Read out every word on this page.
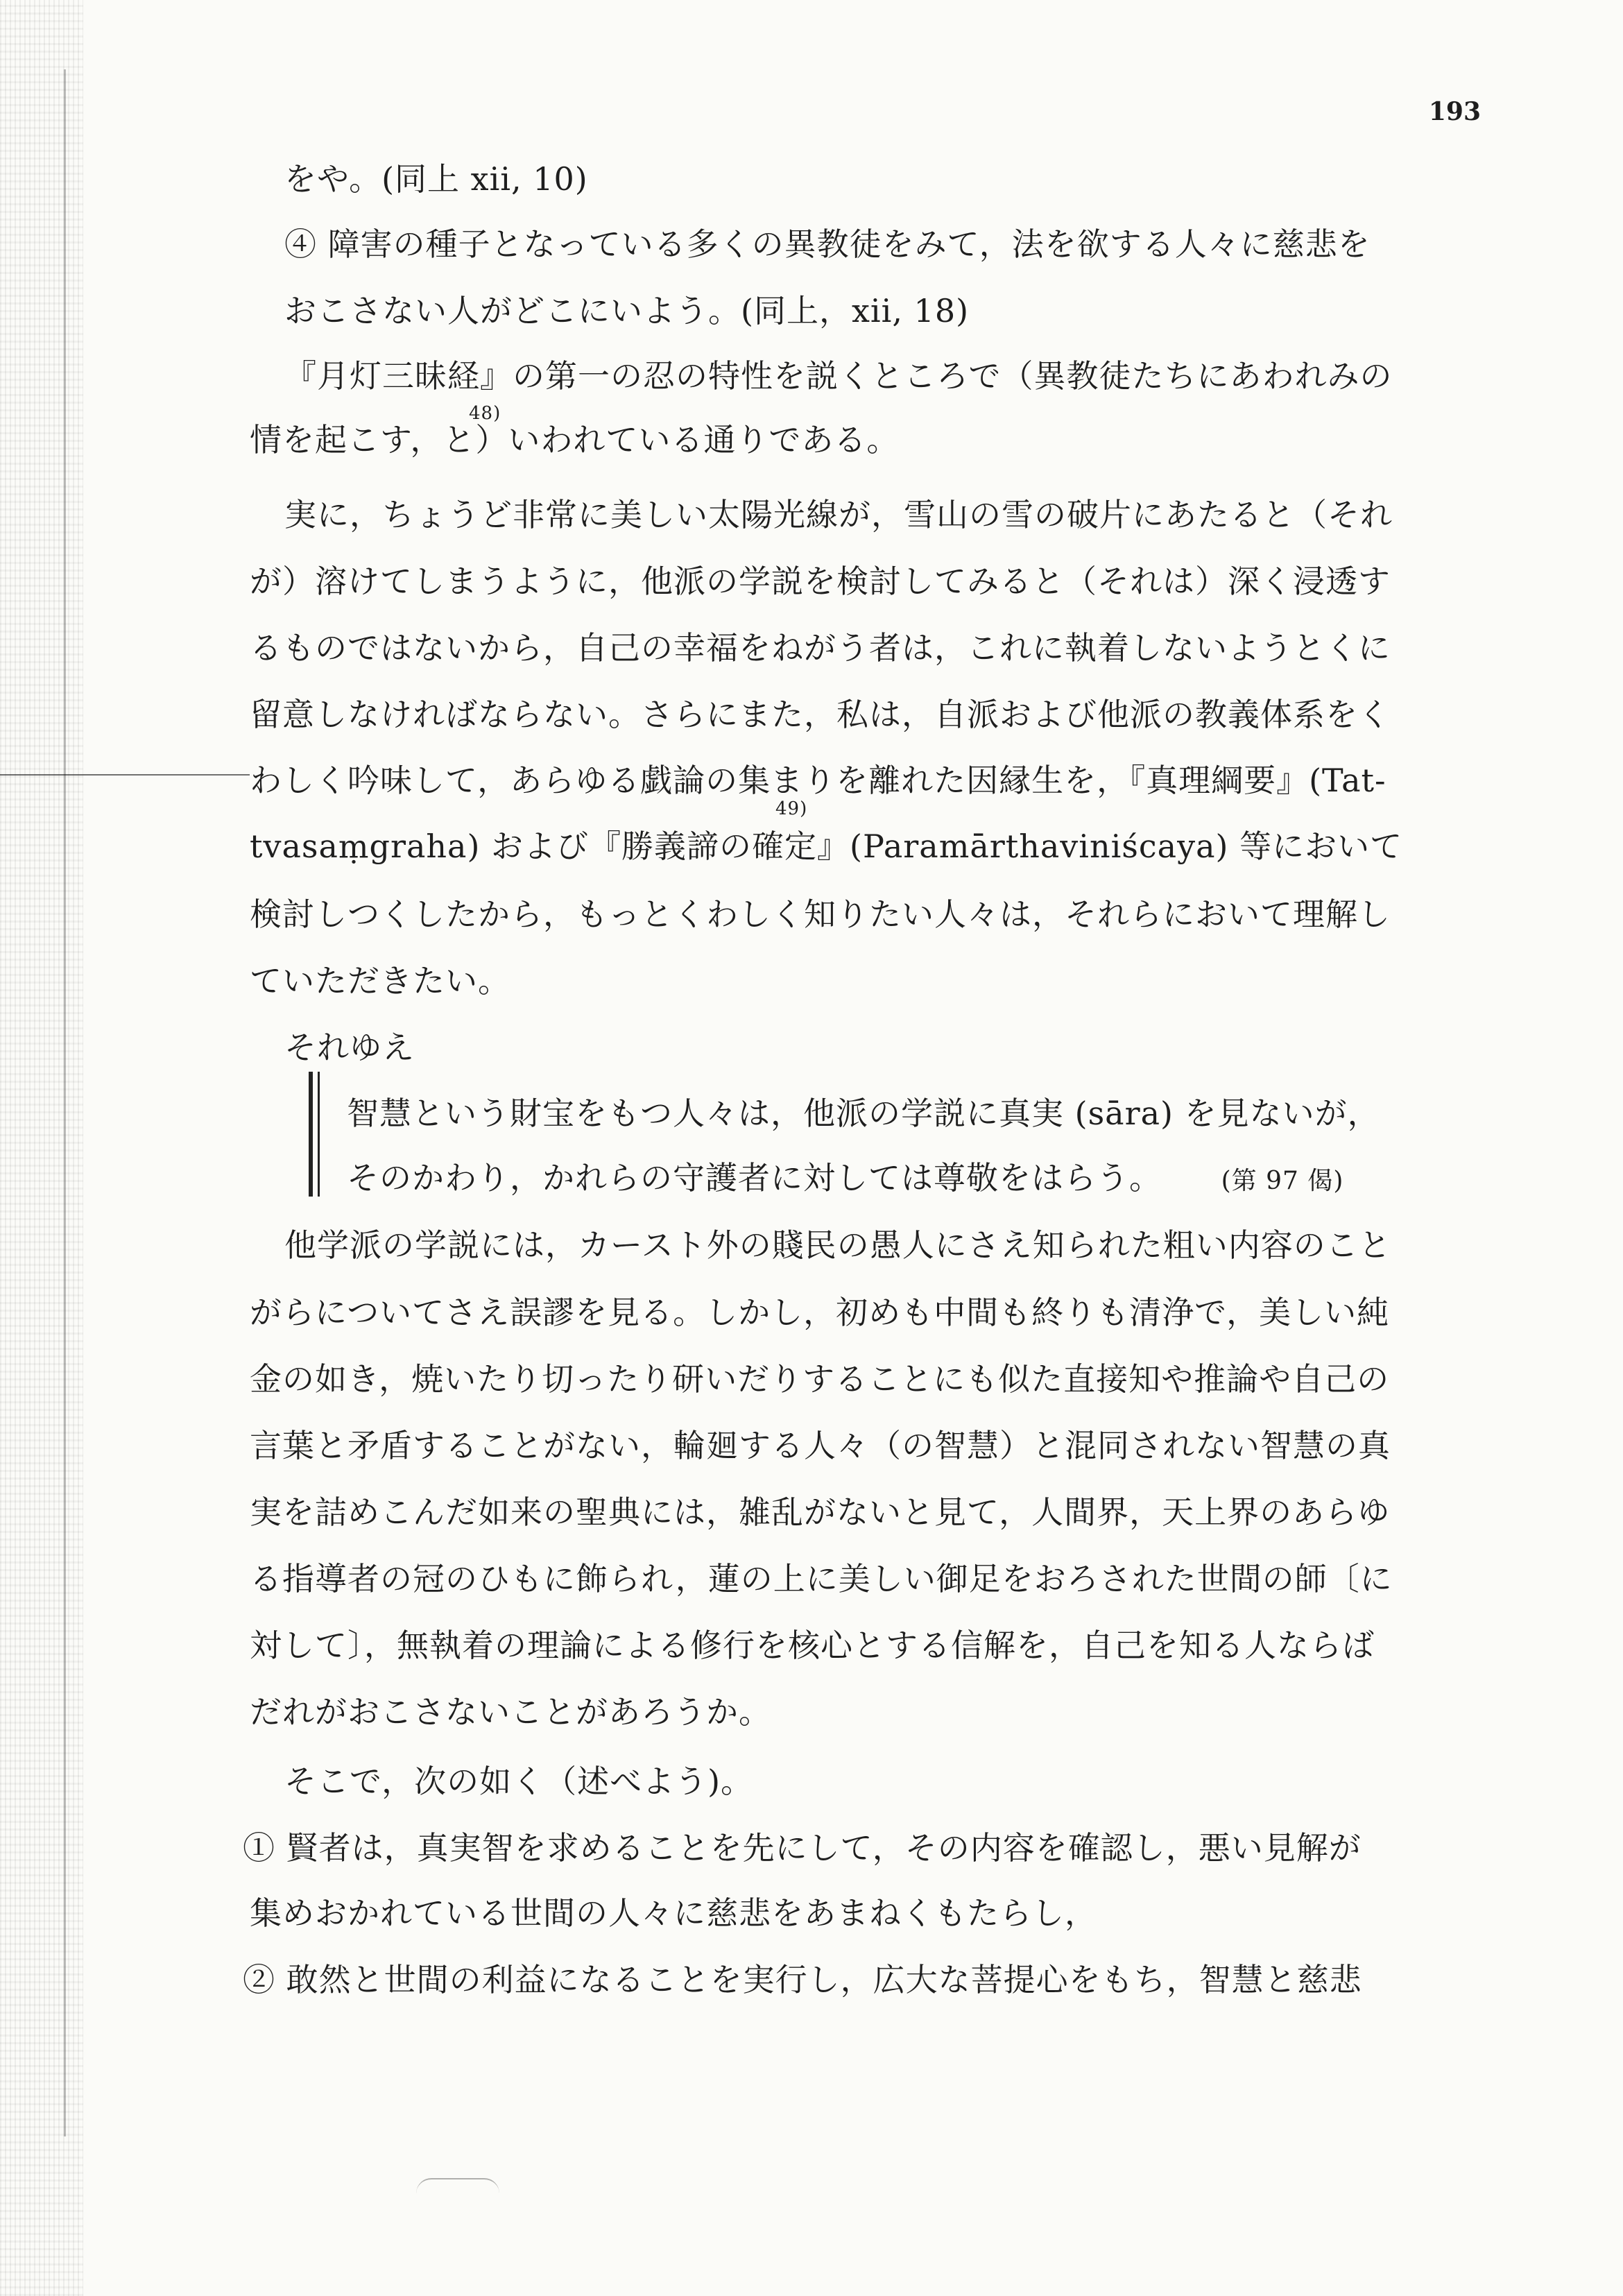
193
をや。(同上 xii, 10)
④ 障害の種子となっている多くの異教徒をみて，法を欲する人々に慈悲を
おこさない人がどこにいよう。(同上，xii, 18)
『月灯三昧経』の第一の忍の特性を説くところで（異教徒たちにあわれみの
情を起こす，と）いわれている通りである。
48)
実に，ちょうど非常に美しい太陽光線が，雪山の雪の破片にあたると（それ
が）溶けてしまうように，他派の学説を検討してみると（それは）深く浸透す
るものではないから，自己の幸福をねがう者は，これに執着しないようとくに
留意しなければならない。さらにまた，私は，自派および他派の教義体系をく
わしく吟味して，あらゆる戯論の集まりを離れた因縁生を，『真理綱要』(Tat-
tvasaṃgraha) および『勝義諦の確定』(Paramārthaviniścaya) 等において
49)
検討しつくしたから，もっとくわしく知りたい人々は，それらにおいて理解し
ていただきたい。
それゆえ
智慧という財宝をもつ人々は，他派の学説に真実 (sāra) を見ないが，
そのかわり，かれらの守護者に対しては尊敬をはらう。 (第 97 偈)
他学派の学説には，カースト外の賤民の愚人にさえ知られた粗い内容のこと
がらについてさえ誤謬を見る。しかし，初めも中間も終りも清浄で，美しい純
金の如き，焼いたり切ったり研いだりすることにも似た直接知や推論や自己の
言葉と矛盾することがない，輪廻する人々（の智慧）と混同されない智慧の真
実を詰めこんだ如来の聖典には，雑乱がないと見て，人間界，天上界のあらゆ
る指導者の冠のひもに飾られ，蓮の上に美しい御足をおろされた世間の師〔に
対して〕，無執着の理論による修行を核心とする信解を，自己を知る人ならば
だれがおこさないことがあろうか。
そこで，次の如く（述べよう)。
① 賢者は，真実智を求めることを先にして，その内容を確認し，悪い見解が
集めおかれている世間の人々に慈悲をあまねくもたらし，
② 敢然と世間の利益になることを実行し，広大な菩提心をもち，智慧と慈悲
